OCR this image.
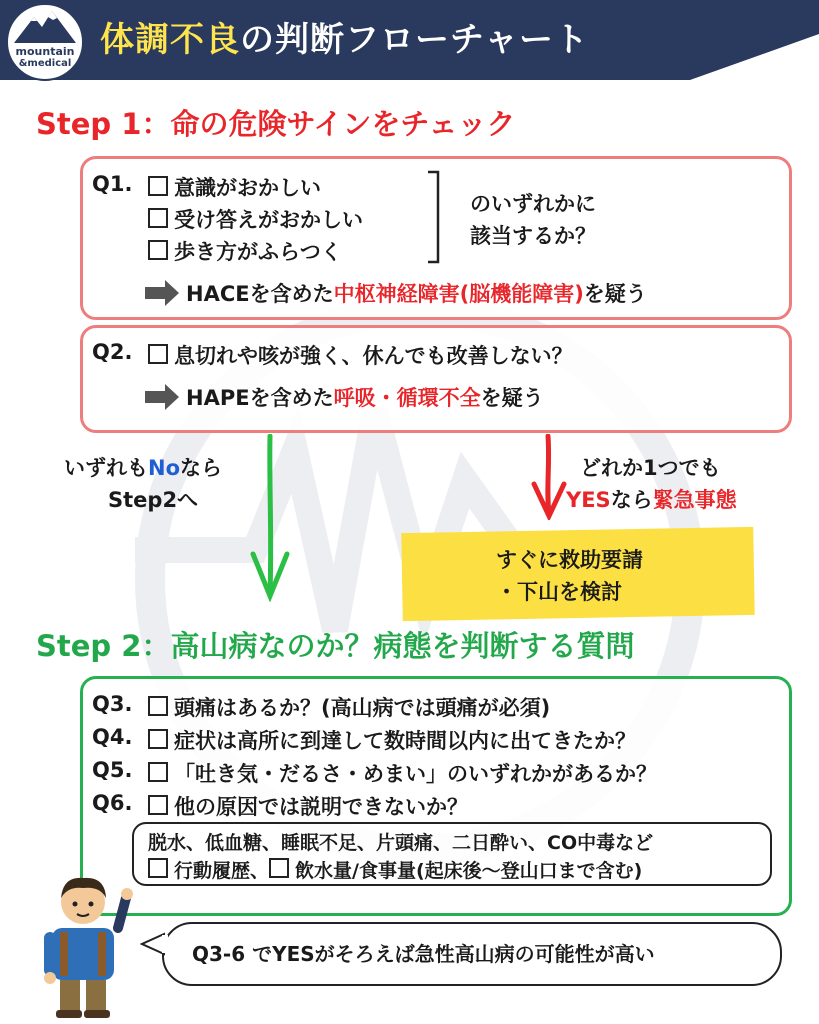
mountain
&medical
体調不良の判断フローチャート
Step 1：命の危険サインをチェック
Q1.	意識がおかしい
受け答えがおかしい
歩き方がふらつく
のいずれかに
該当するか？
HACEを含めた中枢神経障害(脳機能障害)を疑う
Q2.	息切れや咳が強く、休んでも改善しない？
HAPEを含めた呼吸・循環不全を疑う
いずれもNoなら
Step2へ
どれか1つでも
YESなら緊急事態
すぐに救助要請
・下山を検討
Step 2：高山病なのか？病態を判断する質問
Q3.	頭痛はあるか？(高山病では頭痛が必須)
Q4.	症状は高所に到達して数時間以内に出てきたか？
Q5.	「吐き気・だるさ・めまい」のいずれかがあるか？
Q6.	他の原因では説明できないか？
脱水、低血糖、睡眠不足、片頭痛、二日酔い、CO中毒など
行動履歴、 飲水量/食事量(起床後～登山口まで含む)
Q3-6 でYESがそろえば急性高山病の可能性が高い
